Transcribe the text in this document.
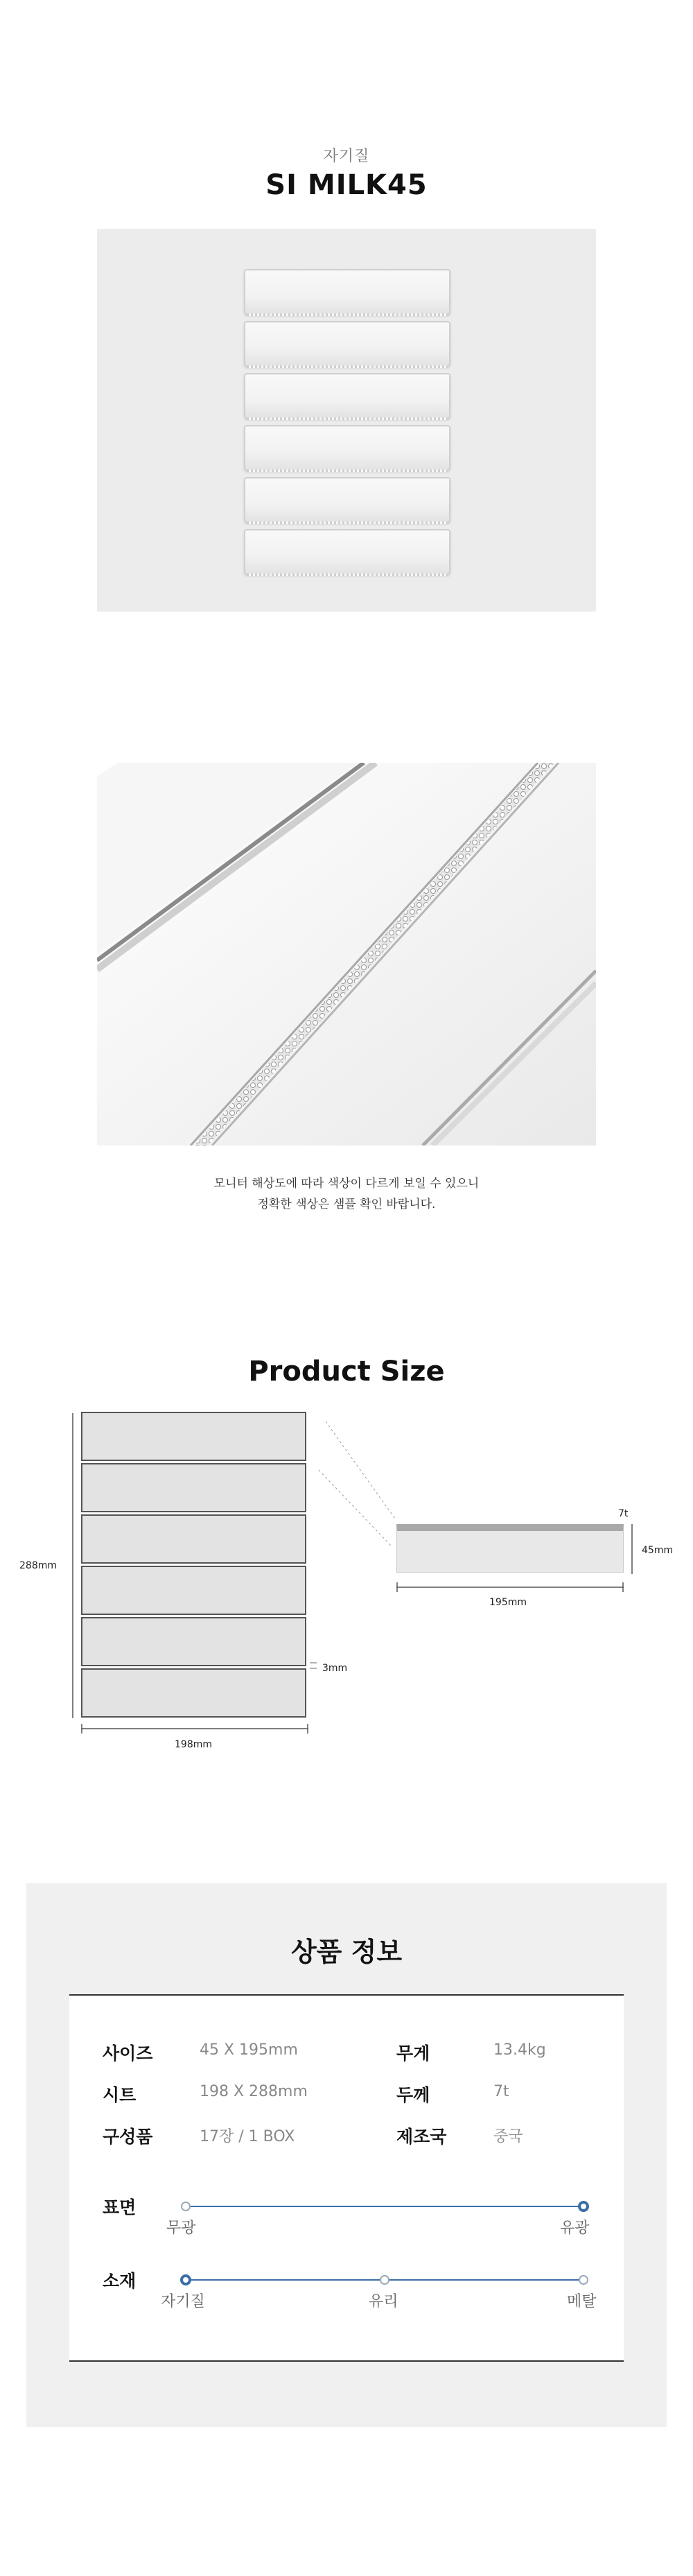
자기질
SI MILK45
모니터 해상도에 따라 색상이 다르게 보일 수 있으니
정확한 색상은 샘플 확인 바랍니다.
Product Size
288mm
3mm
198mm
7t
45mm
195mm
상품 정보
사이즈	45 X 195mm	무게	13.4kg
시트	198 X 288mm	두께	7t
구성품	17장 / 1 BOX	제조국	중국
표면
무광	유광
소재
자기질	유리	메탈
